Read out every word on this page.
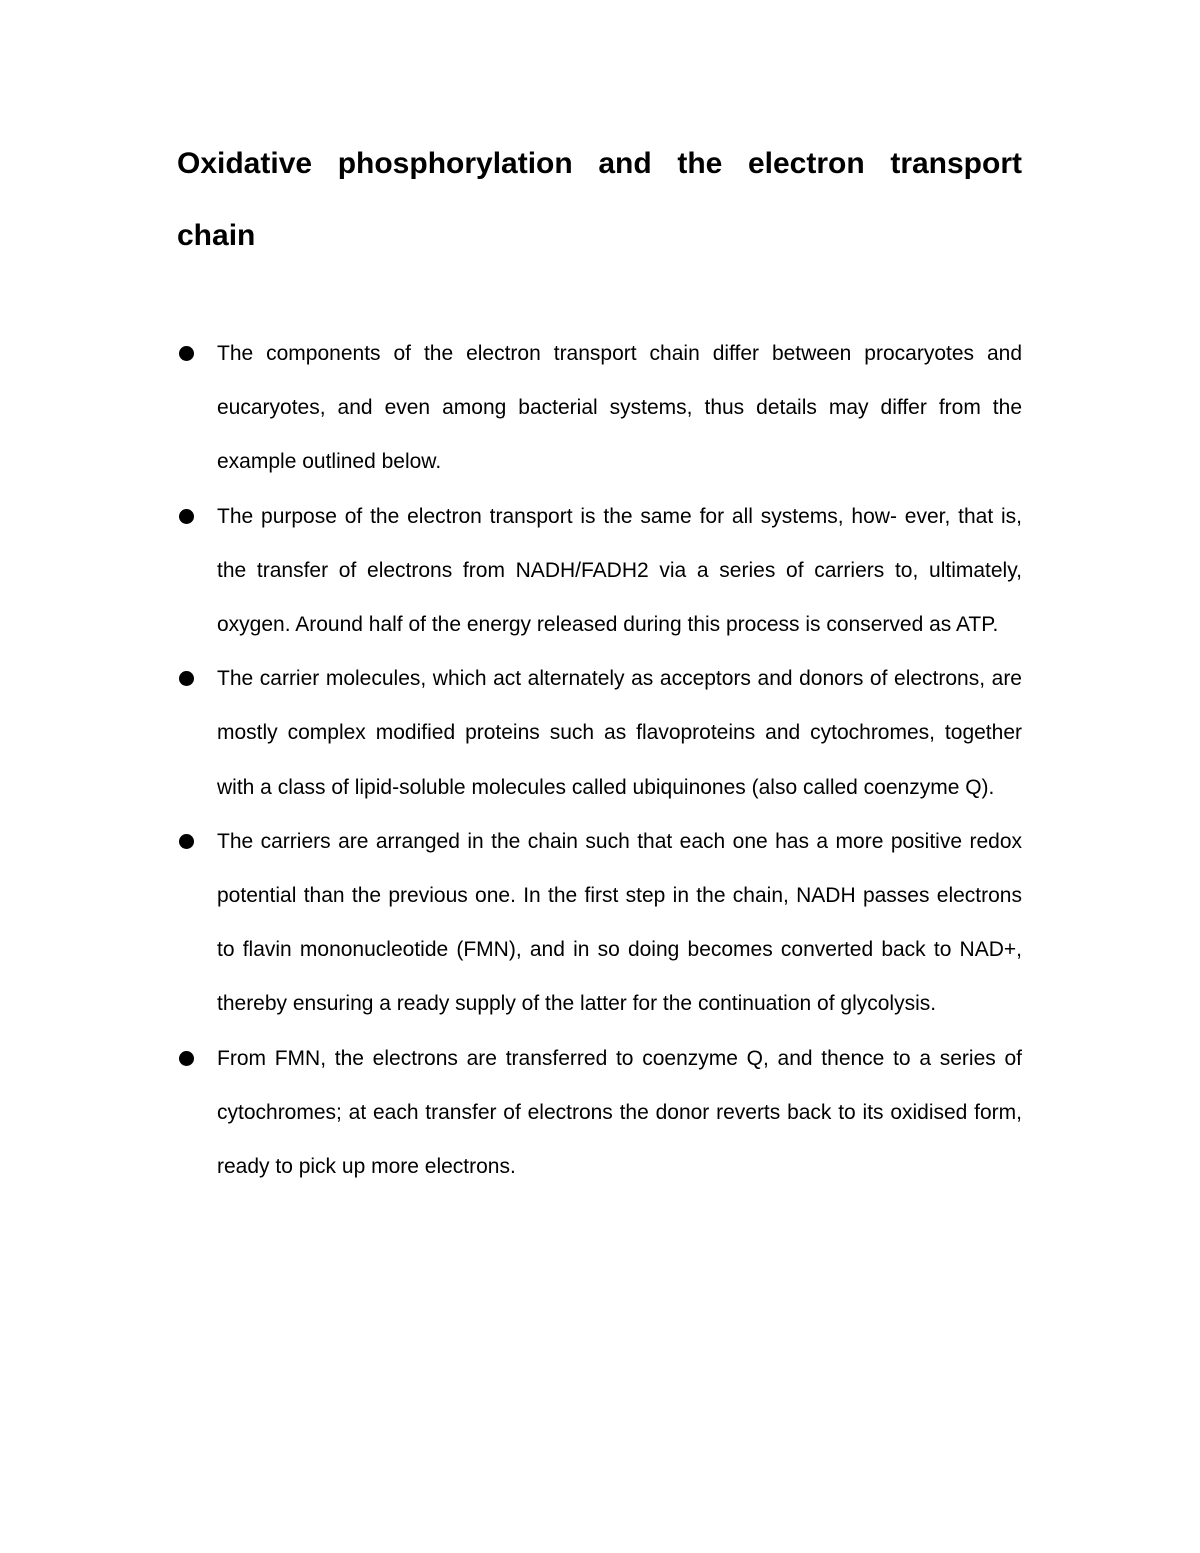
Oxidative phosphorylation and the electron transport chain
The components of the electron transport chain differ between procaryotes and eucaryotes, and even among bacterial systems, thus details may differ from the example outlined below.
The purpose of the electron transport is the same for all systems, how- ever, that is, the transfer of electrons from NADH/FADH2 via a series of carriers to, ultimately, oxygen. Around half of the energy released during this process is conserved as ATP.
The carrier molecules, which act alternately as acceptors and donors of electrons, are mostly complex modified proteins such as flavoproteins and cytochromes, together with a class of lipid-soluble molecules called ubiquinones (also called coenzyme Q).
The carriers are arranged in the chain such that each one has a more positive redox potential than the previous one. In the first step in the chain, NADH passes electrons to flavin mononucleotide (FMN), and in so doing becomes converted back to NAD+, thereby ensuring a ready supply of the latter for the continuation of glycolysis.
From FMN, the electrons are transferred to coenzyme Q, and thence to a series of cytochromes; at each transfer of electrons the donor reverts back to its oxidised form, ready to pick up more electrons.
